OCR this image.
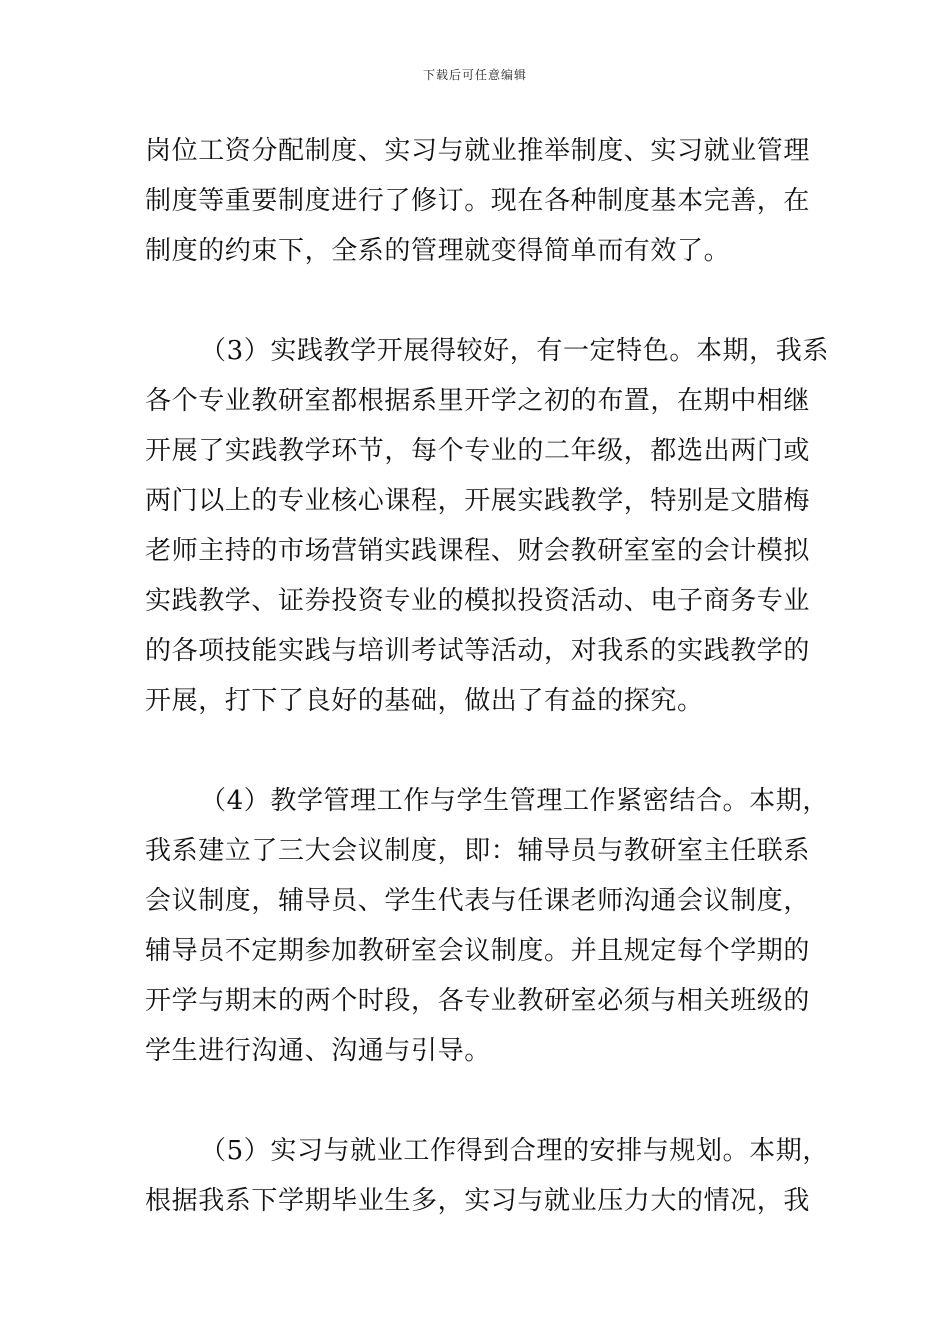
下载后可任意编辑
岗位工资分配制度、实习与就业推举制度、实习就业管理
制度等重要制度进行了修订。现在各种制度基本完善，在
制度的约束下，全系的管理就变得简单而有效了。
（3）实践教学开展得较好，有一定特色。本期，我系
各个专业教研室都根据系里开学之初的布置，在期中相继
开展了实践教学环节，每个专业的二年级，都选出两门或
两门以上的专业核心课程，开展实践教学，特别是文腊梅
老师主持的市场营销实践课程、财会教研室室的会计模拟
实践教学、证券投资专业的模拟投资活动、电子商务专业
的各项技能实践与培训考试等活动，对我系的实践教学的
开展，打下了良好的基础，做出了有益的探究。
（4）教学管理工作与学生管理工作紧密结合。本期，
我系建立了三大会议制度，即：辅导员与教研室主任联系
会议制度，辅导员、学生代表与任课老师沟通会议制度，
辅导员不定期参加教研室会议制度。并且规定每个学期的
开学与期末的两个时段，各专业教研室必须与相关班级的
学生进行沟通、沟通与引导。
（5）实习与就业工作得到合理的安排与规划。本期，
根据我系下学期毕业生多，实习与就业压力大的情况，我
